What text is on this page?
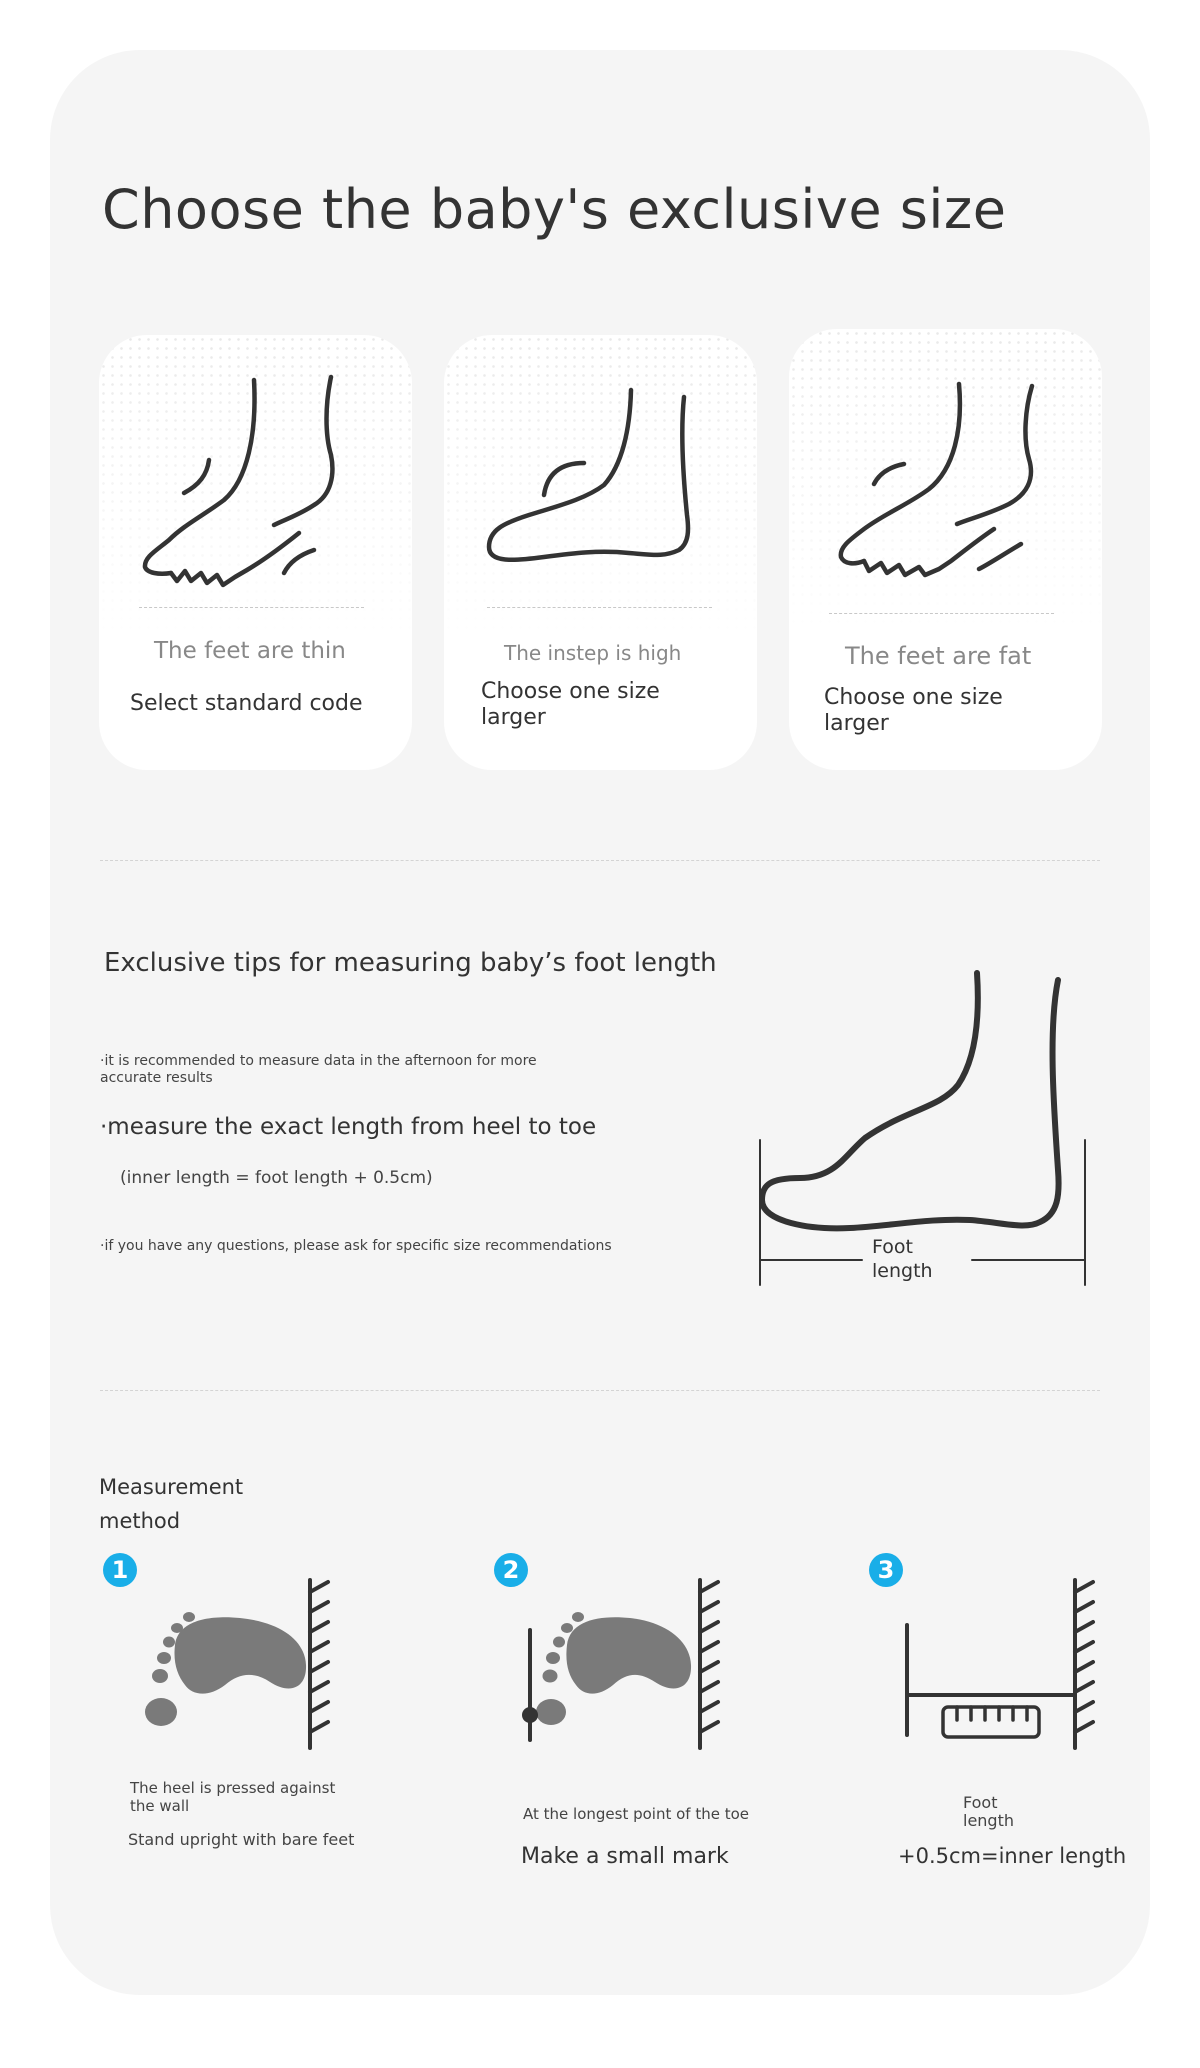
Choose the baby's exclusive size
The feet are thin
Select standard code
The instep is high
Choose one size larger
The feet are fat
Choose one size larger
Exclusive tips for measuring baby’s foot length
·it is recommended to measure data in the afternoon for more accurate results
·measure the exact length from heel to toe
(inner length = foot length + 0.5cm)
·if you have any questions, please ask for specific size recommendations	Foot length
Measurement method
1
The heel is pressed against the wall
Stand upright with bare feet
2
At the longest point of the toe
Make a small mark
3
Foot length
+0.5cm=inner length
